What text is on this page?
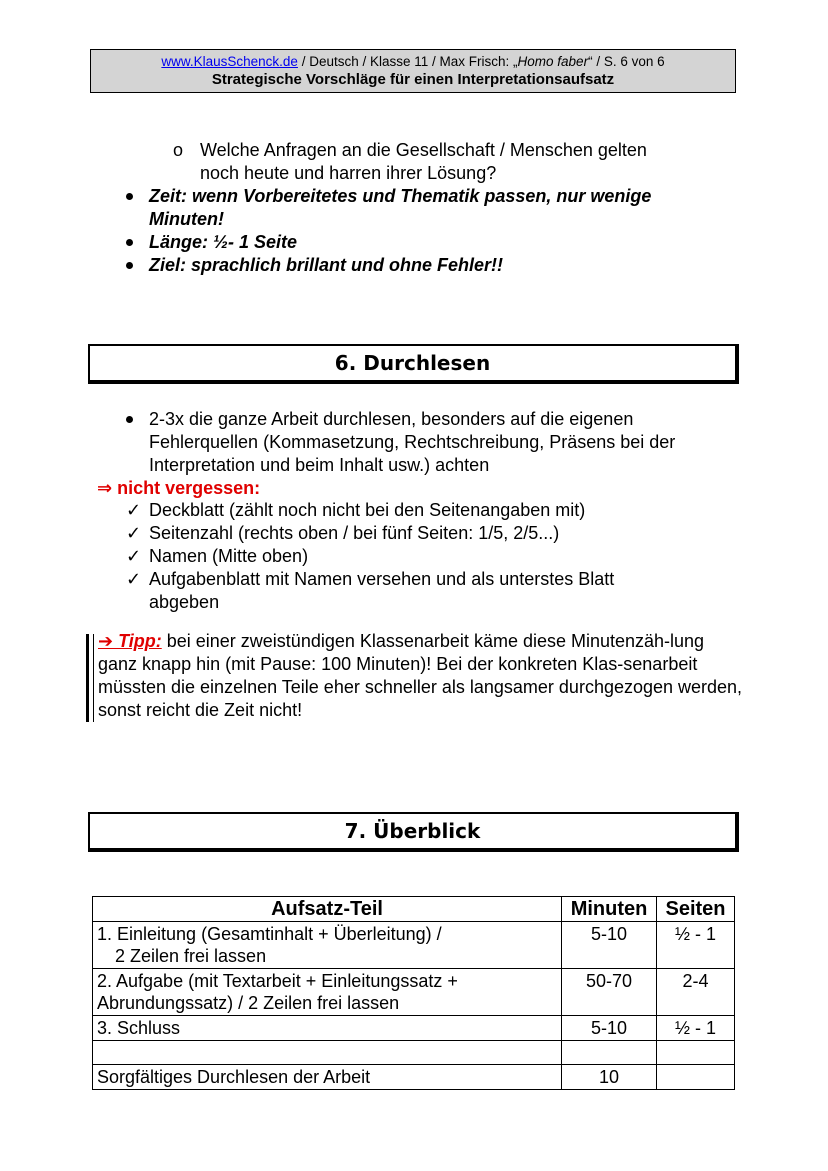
www.KlausSchenck.de / Deutsch / Klasse 11 / Max Frisch: „Homo faber“ / S. 6 von 6
Strategische Vorschläge für einen Interpretationsaufsatz
o Welche Anfragen an die Gesellschaft / Menschen gelten
noch heute und harren ihrer Lösung?
Zeit: wenn Vorbereitetes und Thematik passen, nur wenige Minuten!
Länge: ½- 1 Seite
Ziel: sprachlich brillant und ohne Fehler!!
6. Durchlesen
2-3x die ganze Arbeit durchlesen, besonders auf die eigenen Fehlerquellen (Kommasetzung, Rechtschreibung, Präsens bei der Interpretation und beim Inhalt usw.) achten
⇒ nicht vergessen:
✓ Deckblatt (zählt noch nicht bei den Seitenangaben mit)
✓ Seitenzahl (rechts oben / bei fünf Seiten: 1/5, 2/5...)
✓ Namen (Mitte oben)
✓ Aufgabenblatt mit Namen versehen und als unterstes Blatt abgeben
➔ Tipp: bei einer zweistündigen Klassenarbeit käme diese Minutenzäh-lung ganz knapp hin (mit Pause: 100 Minuten)! Bei der konkreten Klas-senarbeit müssten die einzelnen Teile eher schneller als langsamer durchgezogen werden, sonst reicht die Zeit nicht!
7. Überblick
Aufsatz-Teil	Minuten	Seiten

1. Einleitung (Gesamtinhalt + Überleitung) /
2 Zeilen frei lassen	5-10	½ - 1

2. Aufgabe (mit Textarbeit + Einleitungssatz +
Abrundungssatz) / 2 Zeilen frei lassen	50-70	2-4
3. Schluss	5-10	½ - 1

Sorgfältiges Durchlesen der Arbeit	10	
